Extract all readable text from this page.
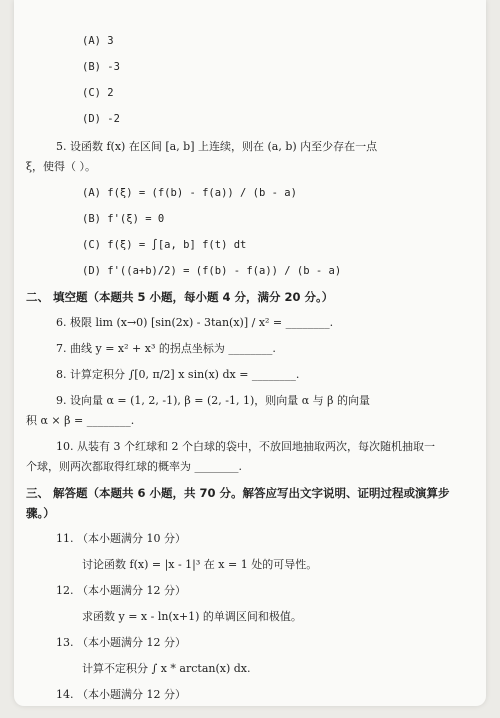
(A) 3
(B) -3
(C) 2
(D) -2
5. 设函数 f(x) 在区间 [a, b] 上连续，则在 (a, b) 内至少存在一点
ξ，使得（ ）。
(A) f(ξ) = (f(b) - f(a)) / (b - a)
(B) f'(ξ) = 0
(C) f(ξ) = ∫[a, b] f(t) dt
(D) f'((a+b)/2) = (f(b) - f(a)) / (b - a)
二、 填空题（本题共 5 小题，每小题 4 分，满分 20 分。）
6. 极限 lim (x→0) [sin(2x) - 3tan(x)] / x² = ________.
7. 曲线 y = x² + x³ 的拐点坐标为 ________.
8. 计算定积分 ∫[0, π/2] x sin(x) dx = ________.
9. 设向量 α = (1, 2, -1), β = (2, -1, 1)，则向量 α 与 β 的向量
积 α × β = ________.
10. 从装有 3 个红球和 2 个白球的袋中，不放回地抽取两次，每次随机抽取一
个球，则两次都取得红球的概率为 ________.
三、 解答题（本题共 6 小题，共 70 分。解答应写出文字说明、证明过程或演算步
骤。）
11. （本小题满分 10 分）
讨论函数 f(x) = |x - 1|³ 在 x = 1 处的可导性。
12. （本小题满分 12 分）
求函数 y = x - ln(x+1) 的单调区间和极值。
13. （本小题满分 12 分）
计算不定积分 ∫ x * arctan(x) dx.
14. （本小题满分 12 分）
